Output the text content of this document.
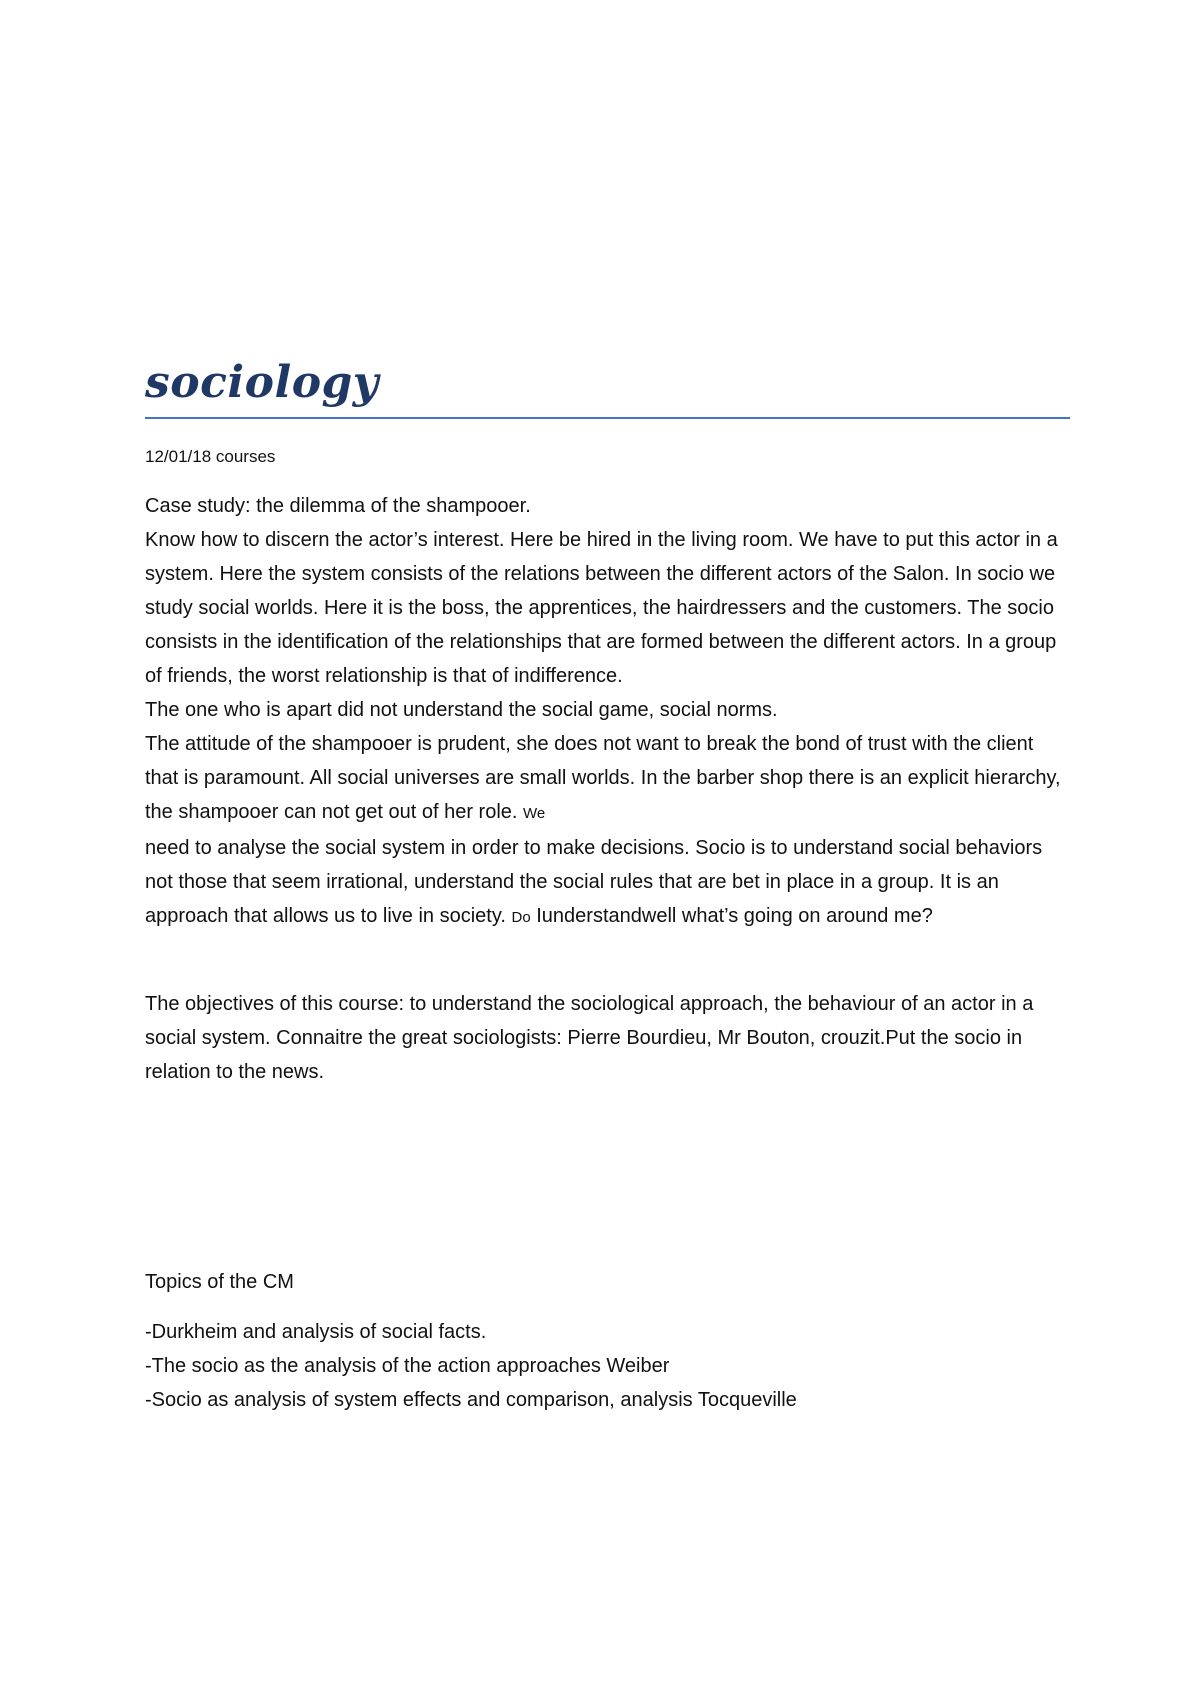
sociology

12/01/18 courses

Case study: the dilemma of the shampooer.

Know how to discern the actor’s interest. Here be hired in the living room. We have to put this actor in a system. Here the system consists of the relations between the different actors of the Salon. In socio we study social worlds. Here it is the boss, the apprentices, the hairdressers and the customers. The socio consists in the identification of the relationships that are formed between the different actors. In a group of friends, the worst relationship is that of indifference.

The one who is apart did not understand the social game, social norms.

The attitude of the shampooer is prudent, she does not want to break the bond of trust with the client that is paramount. All social universes are small worlds. In the barber shop there is an explicit hierarchy, the shampooer can not get out of her role. We

need to analyse the social system in order to make decisions. Socio is to understand social behaviors not those that seem irrational, understand the social rules that are bet in place in a group. It is an approach that allows us to live in society. Do Iunderstandwell what’s going on around me?

The objectives of this course: to understand the sociological approach, the behaviour of an actor in a social system. Connaitre the great sociologists: Pierre Bourdieu, Mr Bouton, crouzit.Put the socio in relation to the news.

Topics of the CM

-Durkheim and analysis of social facts.

-The socio as the analysis of the action approaches Weiber

-Socio as analysis of system effects and comparison, analysis Tocqueville
